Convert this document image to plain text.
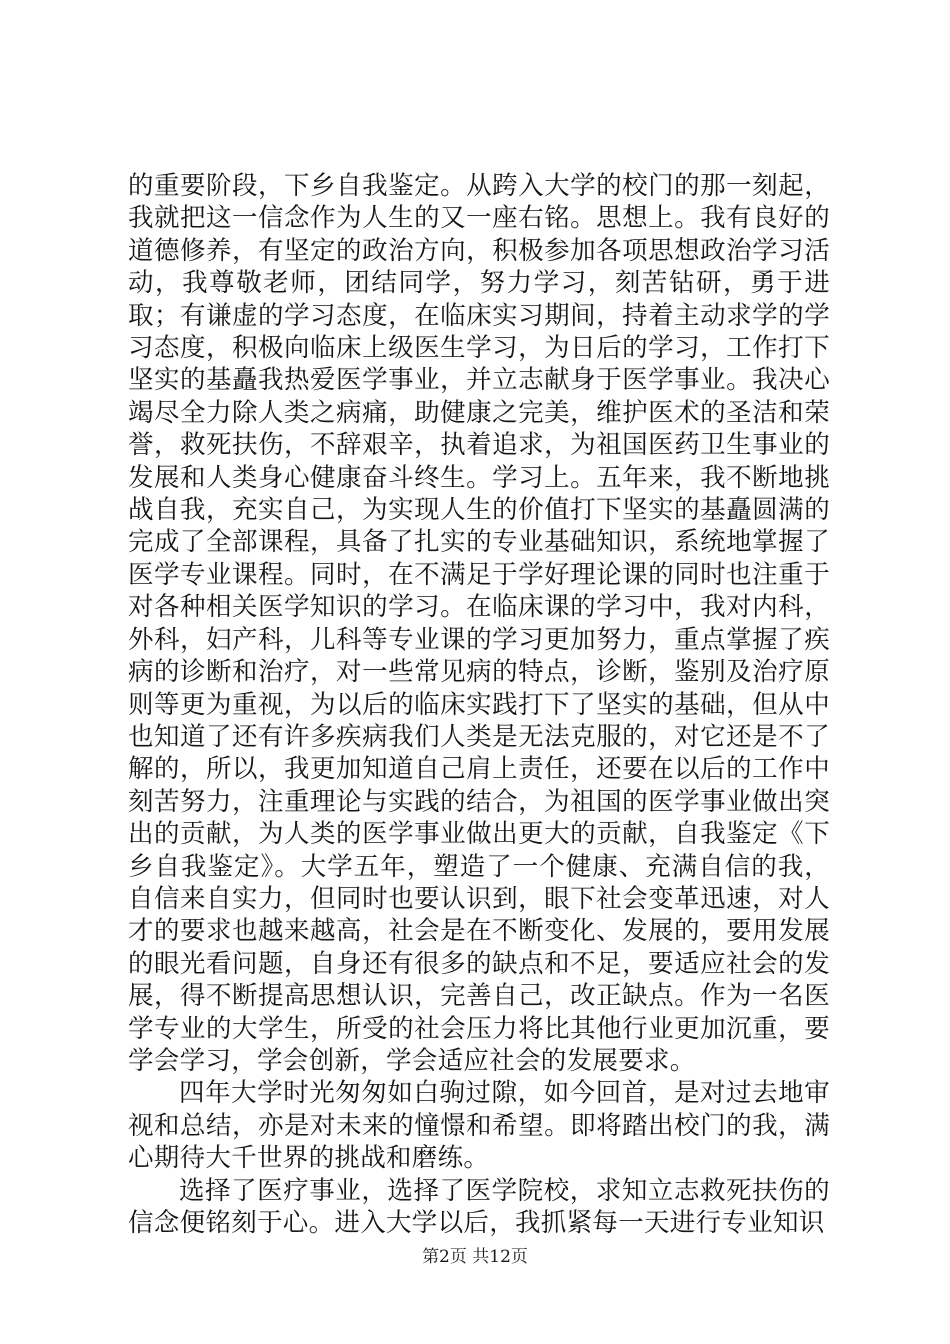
的重要阶段，下乡自我鉴定。从跨入大学的校门的那一刻起，我就把这一信念作为人生的又一座右铭。思想上。我有良好的道德修养，有坚定的政治方向，积极参加各项思想政治学习活动，我尊敬老师，团结同学，努力学习，刻苦钻研，勇于进取；有谦虚的学习态度，在临床实习期间，持着主动求学的学习态度，积极向临床上级医生学习，为日后的学习，工作打下坚实的基矗我热爱医学事业，并立志献身于医学事业。我决心竭尽全力除人类之病痛，助健康之完美，维护医术的圣洁和荣誉，救死扶伤，不辞艰辛，执着追求，为祖国医药卫生事业的发展和人类身心健康奋斗终生。学习上。五年来，我不断地挑战自我，充实自己，为实现人生的价值打下坚实的基矗圆满的完成了全部课程，具备了扎实的专业基础知识，系统地掌握了医学专业课程。同时，在不满足于学好理论课的同时也注重于对各种相关医学知识的学习。在临床课的学习中，我对内科，外科，妇产科，儿科等专业课的学习更加努力，重点掌握了疾病的诊断和治疗，对一些常见病的特点，诊断，鉴别及治疗原则等更为重视，为以后的临床实践打下了坚实的基础，但从中也知道了还有许多疾病我们人类是无法克服的，对它还是不了解的，所以，我更加知道自己肩上责任，还要在以后的工作中刻苦努力，注重理论与实践的结合，为祖国的医学事业做出突出的贡献，为人类的医学事业做出更大的贡献，自我鉴定《下乡自我鉴定》。大学五年，塑造了一个健康、充满自信的我，自信来自实力，但同时也要认识到，眼下社会变革迅速，对人才的要求也越来越高，社会是在不断变化、发展的，要用发展的眼光看问题，自身还有很多的缺点和不足，要适应社会的发展，得不断提高思想认识，完善自己，改正缺点。作为一名医学专业的大学生，所受的社会压力将比其他行业更加沉重，要学会学习，学会创新，学会适应社会的发展要求。

四年大学时光匆匆如白驹过隙，如今回首，是对过去地审视和总结，亦是对未来的憧憬和希望。即将踏出校门的我，满心期待大千世界的挑战和磨练。

选择了医疗事业，选择了医学院校，求知立志救死扶伤的信念便铭刻于心。进入大学以后，我抓紧每一天进行专业知识

第2页 共12页
